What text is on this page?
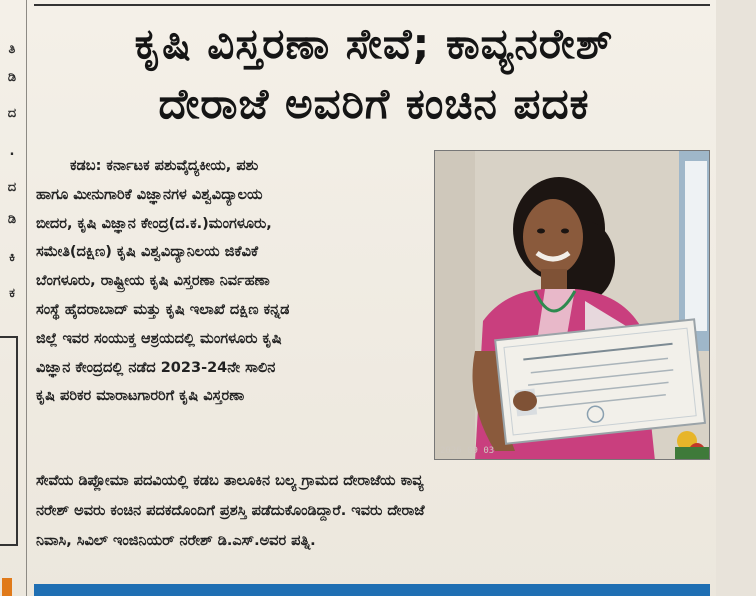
ತಿ
ಡಿ
ದ
.
ದ
ಡಿ
ಕಿ
ಕ
ಕೃಷಿ ವಿಸ್ತರಣಾ ಸೇವೆ; ಕಾವ್ಯನರೇಶ್
ದೇರಾಜೆ ಅವರಿಗೆ ಕಂಚಿನ ಪದಕ
ಕಡಬ: ಕರ್ನಾಟಕ ಪಶುವೈದ್ಯಕೀಯ, ಪಶು
ಹಾಗೂ ಮೀನುಗಾರಿಕೆ ವಿಜ್ಞಾನಗಳ ವಿಶ್ವವಿದ್ಯಾಲಯ
ಬೀದರ, ಕೃಷಿ ವಿಜ್ಞಾನ ಕೇಂದ್ರ(ದ.ಕ.)ಮಂಗಳೂರು,
ಸಮೇತಿ(ದಕ್ಷಿಣ) ಕೃಷಿ ವಿಶ್ವವಿದ್ಯಾನಿಲಯ ಜಿಕೆವಿಕೆ
ಬೆಂಗಳೂರು, ರಾಷ್ಟ್ರೀಯ ಕೃಷಿ ವಿಸ್ತರಣಾ ನಿರ್ವಹಣಾ
ಸಂಸ್ಥೆ ಹೈದರಾಬಾದ್ ಮತ್ತು ಕೃಷಿ ಇಲಾಖೆ ದಕ್ಷಿಣ ಕನ್ನಡ
ಜಿಲ್ಲೆ ಇವರ ಸಂಯುಕ್ತ ಆಶ್ರಯದಲ್ಲಿ ಮಂಗಳೂರು ಕೃಷಿ
ವಿಜ್ಞಾನ ಕೇಂದ್ರದಲ್ಲಿ ನಡೆದ 2023-24ನೇ ಸಾಲಿನ
ಕೃಷಿ ಪರಿಕರ ಮಾರಾಟಗಾರರಿಗೆ ಕೃಷಿ ವಿಸ್ತರಣಾ
2026 09 03
ಸೇವೆಯ ಡಿಪ್ಲೋಮಾ ಪದವಿಯಲ್ಲಿ ಕಡಬ ತಾಲೂಕಿನ ಬಲ್ಯ ಗ್ರಾಮದ ದೇರಾಜೆಯ ಕಾವ್ಯ
ನರೇಶ್ ಅವರು ಕಂಚಿನ ಪದಕದೊಂದಿಗೆ ಪ್ರಶಸ್ತಿ ಪಡೆದುಕೊಂಡಿದ್ದಾರೆ. ಇವರು ದೇರಾಜೆ
ನಿವಾಸಿ, ಸಿವಿಲ್ ಇಂಜಿನಿಯರ್ ನರೇಶ್ ಡಿ.ಎಸ್.ಅವರ ಪತ್ನಿ.
